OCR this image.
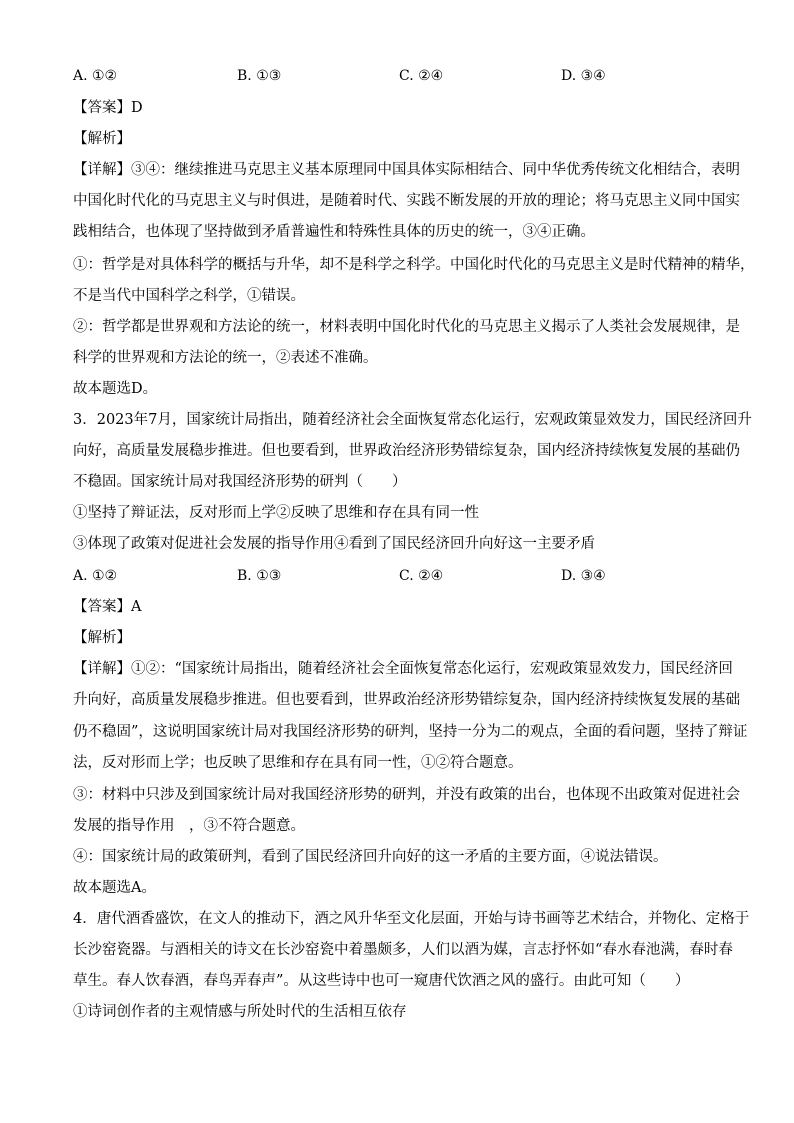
A. ①②	B. ①③	C. ②④	D. ③④
【答案】D
【解析】
【详解】③④：继续推进马克思主义基本原理同中国具体实际相结合、同中华优秀传统文化相结合，表明
中国化时代化的马克思主义与时俱进，是随着时代、实践不断发展的开放的理论；将马克思主义同中国实
践相结合，也体现了坚持做到矛盾普遍性和特殊性具体的历史的统一，③④正确。
①：哲学是对具体科学的概括与升华，却不是科学之科学。中国化时代化的马克思主义是时代精神的精华，
不是当代中国科学之科学，①错误。
②：哲学都是世界观和方法论的统一，材料表明中国化时代化的马克思主义揭示了人类社会发展规律，是
科学的世界观和方法论的统一，②表述不准确。
故本题选D。
3．2023年7月，国家统计局指出，随着经济社会全面恢复常态化运行，宏观政策显效发力，国民经济回升
向好，高质量发展稳步推进。但也要看到，世界政治经济形势错综复杂，国内经济持续恢复发展的基础仍
不稳固。国家统计局对我国经济形势的研判（　　）
①坚持了辩证法，反对形而上学②反映了思维和存在具有同一性
③体现了政策对促进社会发展的指导作用④看到了国民经济回升向好这一主要矛盾
A. ①②	B. ①③	C. ②④	D. ③④
【答案】A
【解析】
【详解】①②：“国家统计局指出，随着经济社会全面恢复常态化运行，宏观政策显效发力，国民经济回
升向好，高质量发展稳步推进。但也要看到，世界政治经济形势错综复杂，国内经济持续恢复发展的基础
仍不稳固”，这说明国家统计局对我国经济形势的研判，坚持一分为二的观点，全面的看问题，坚持了辩证
法，反对形而上学；也反映了思维和存在具有同一性，①②符合题意。
③：材料中只涉及到国家统计局对我国经济形势的研判，并没有政策的出台，也体现不出政策对促进社会
发展的指导作用　，③不符合题意。
④：国家统计局的政策研判，看到了国民经济回升向好的这一矛盾的主要方面，④说法错误。
故本题选A。
4．唐代酒香盛饮，在文人的推动下，酒之风升华至文化层面，开始与诗书画等艺术结合，并物化、定格于
长沙窑瓷器。与酒相关的诗文在长沙窑瓷中着墨颇多，人们以酒为媒，言志抒怀如“春水春池满，春时春
草生。春人饮春酒，春鸟弄春声”。从这些诗中也可一窥唐代饮酒之风的盛行。由此可知（　　）
①诗词创作者的主观情感与所处时代的生活相互依存
